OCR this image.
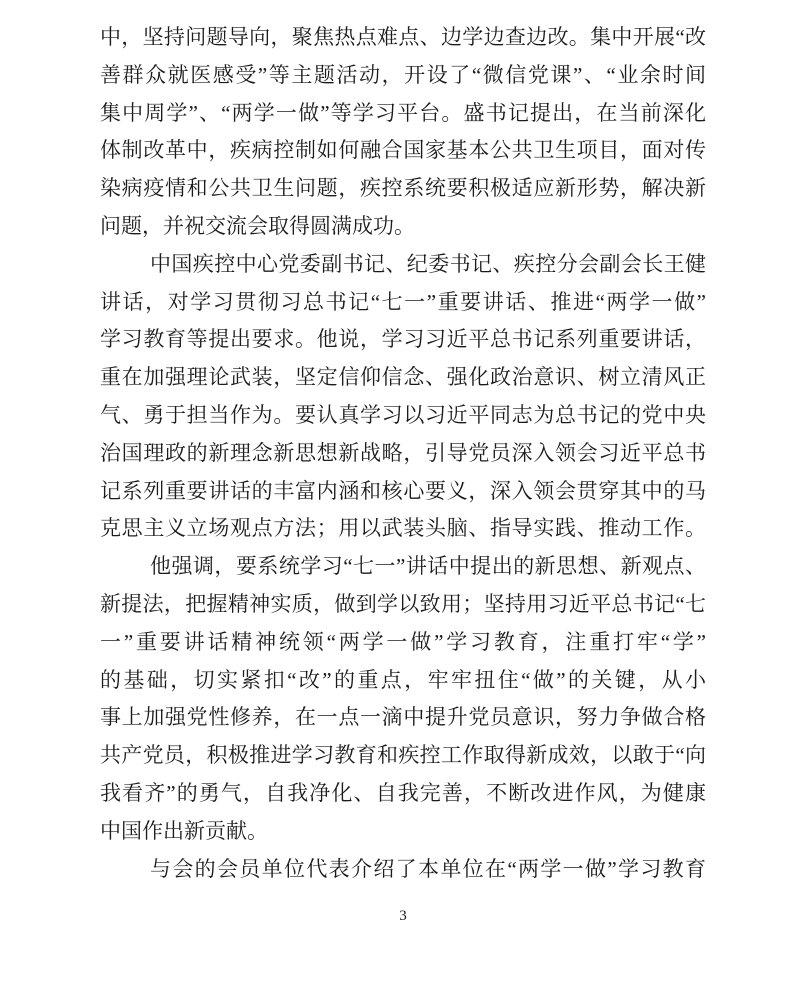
中，坚持问题导向，聚焦热点难点、边学边查边改。集中开展“改
善群众就医感受”等主题活动，开设了“微信党课”、“业余时间
集中周学”、“两学一做”等学习平台。盛书记提出，在当前深化
体制改革中，疾病控制如何融合国家基本公共卫生项目，面对传
染病疫情和公共卫生问题，疾控系统要积极适应新形势，解决新
问题，并祝交流会取得圆满成功。
中国疾控中心党委副书记、纪委书记、疾控分会副会长王健
讲话，对学习贯彻习总书记“七一”重要讲话、推进“两学一做”
学习教育等提出要求。他说，学习习近平总书记系列重要讲话，
重在加强理论武装，坚定信仰信念、强化政治意识、树立清风正
气、勇于担当作为。要认真学习以习近平同志为总书记的党中央
治国理政的新理念新思想新战略，引导党员深入领会习近平总书
记系列重要讲话的丰富内涵和核心要义，深入领会贯穿其中的马
克思主义立场观点方法；用以武装头脑、指导实践、推动工作。
他强调，要系统学习“七一”讲话中提出的新思想、新观点、
新提法，把握精神实质，做到学以致用；坚持用习近平总书记“七
一”重要讲话精神统领“两学一做”学习教育，注重打牢“学”
的基础，切实紧扣“改”的重点，牢牢扭住“做”的关键，从小
事上加强党性修养，在一点一滴中提升党员意识，努力争做合格
共产党员，积极推进学习教育和疾控工作取得新成效，以敢于“向
我看齐”的勇气，自我净化、自我完善，不断改进作风，为健康
中国作出新贡献。
与会的会员单位代表介绍了本单位在“两学一做”学习教育
3
